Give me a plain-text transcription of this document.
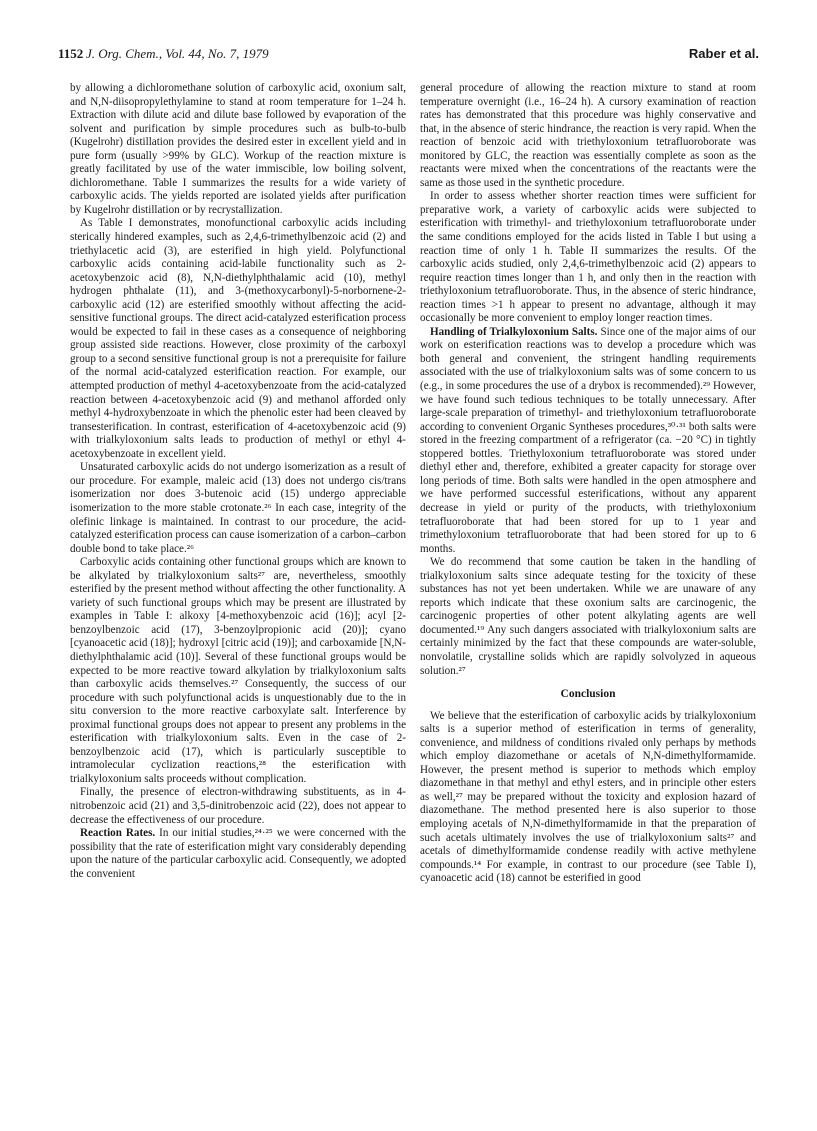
1152 J. Org. Chem., Vol. 44, No. 7, 1979	Raber et al.

by allowing a dichloromethane solution of carboxylic acid, oxonium salt, and N,N-diisopropylethylamine to stand at room temperature for 1–24 h. Extraction with dilute acid and dilute base followed by evaporation of the solvent and purification by simple procedures such as bulb-to-bulb (Kugelrohr) distillation provides the desired ester in excellent yield and in pure form (usually >99% by GLC). Workup of the reaction mixture is greatly facilitated by use of the water immiscible, low boiling solvent, dichloromethane. Table I summarizes the results for a wide variety of carboxylic acids. The yields reported are isolated yields after purification by Kugelrohr distillation or by recrystallization.

As Table I demonstrates, monofunctional carboxylic acids including sterically hindered examples, such as 2,4,6-trimethylbenzoic acid (2) and triethylacetic acid (3), are esterified in high yield. Polyfunctional carboxylic acids containing acid-labile functionality such as 2-acetoxybenzoic acid (8), N,N-diethylphthalamic acid (10), methyl hydrogen phthalate (11), and 3-(methoxycarbonyl)-5-norbornene-2-carboxylic acid (12) are esterified smoothly without affecting the acid-sensitive functional groups. The direct acid-catalyzed esterification process would be expected to fail in these cases as a consequence of neighboring group assisted side reactions. However, close proximity of the carboxyl group to a second sensitive functional group is not a prerequisite for failure of the normal acid-catalyzed esterification reaction. For example, our attempted production of methyl 4-acetoxybenzoate from the acid-catalyzed reaction between 4-acetoxybenzoic acid (9) and methanol afforded only methyl 4-hydroxybenzoate in which the phenolic ester had been cleaved by transesterification. In contrast, esterification of 4-acetoxybenzoic acid (9) with trialkyloxonium salts leads to production of methyl or ethyl 4-acetoxybenzoate in excellent yield.

Unsaturated carboxylic acids do not undergo isomerization as a result of our procedure. For example, maleic acid (13) does not undergo cis/trans isomerization nor does 3-butenoic acid (15) undergo appreciable isomerization to the more stable crotonate.²⁶ In each case, integrity of the olefinic linkage is maintained. In contrast to our procedure, the acid-catalyzed esterification process can cause isomerization of a carbon–carbon double bond to take place.²⁶

Carboxylic acids containing other functional groups which are known to be alkylated by trialkyloxonium salts²⁷ are, nevertheless, smoothly esterified by the present method without affecting the other functionality. A variety of such functional groups which may be present are illustrated by examples in Table I: alkoxy [4-methoxybenzoic acid (16)]; acyl [2-benzoylbenzoic acid (17), 3-benzoylpropionic acid (20)]; cyano [cyanoacetic acid (18)]; hydroxyl [citric acid (19)]; and carboxamide [N,N-diethylphthalamic acid (10)]. Several of these functional groups would be expected to be more reactive toward alkylation by trialkyloxonium salts than carboxylic acids themselves.²⁷ Consequently, the success of our procedure with such polyfunctional acids is unquestionably due to the in situ conversion to the more reactive carboxylate salt. Interference by proximal functional groups does not appear to present any problems in the esterification with trialkyloxonium salts. Even in the case of 2-benzoylbenzoic acid (17), which is particularly susceptible to intramolecular cyclization reactions,²⁸ the esterification with trialkyloxonium salts proceeds without complication.

Finally, the presence of electron-withdrawing substituents, as in 4-nitrobenzoic acid (21) and 3,5-dinitrobenzoic acid (22), does not appear to decrease the effectiveness of our procedure.

Reaction Rates. In our initial studies,²⁴·²⁵ we were concerned with the possibility that the rate of esterification might vary considerably depending upon the nature of the particular carboxylic acid. Consequently, we adopted the convenient

general procedure of allowing the reaction mixture to stand at room temperature overnight (i.e., 16–24 h). A cursory examination of reaction rates has demonstrated that this procedure was highly conservative and that, in the absence of steric hindrance, the reaction is very rapid. When the reaction of benzoic acid with triethyloxonium tetrafluoroborate was monitored by GLC, the reaction was essentially complete as soon as the reactants were mixed when the concentrations of the reactants were the same as those used in the synthetic procedure.

In order to assess whether shorter reaction times were sufficient for preparative work, a variety of carboxylic acids were subjected to esterification with trimethyl- and triethyloxonium tetrafluoroborate under the same conditions employed for the acids listed in Table I but using a reaction time of only 1 h. Table II summarizes the results. Of the carboxylic acids studied, only 2,4,6-trimethylbenzoic acid (2) appears to require reaction times longer than 1 h, and only then in the reaction with triethyloxonium tetrafluoroborate. Thus, in the absence of steric hindrance, reaction times >1 h appear to present no advantage, although it may occasionally be more convenient to employ longer reaction times.

Handling of Trialkyloxonium Salts. Since one of the major aims of our work on esterification reactions was to develop a procedure which was both general and convenient, the stringent handling requirements associated with the use of trialkyloxonium salts was of some concern to us (e.g., in some procedures the use of a drybox is recommended).²⁹ However, we have found such tedious techniques to be totally unnecessary. After large-scale preparation of trimethyl- and triethyloxonium tetrafluoroborate according to convenient Organic Syntheses procedures,³⁰·³¹ both salts were stored in the freezing compartment of a refrigerator (ca. −20 °C) in tightly stoppered bottles. Triethyloxonium tetrafluoroborate was stored under diethyl ether and, therefore, exhibited a greater capacity for storage over long periods of time. Both salts were handled in the open atmosphere and we have performed successful esterifications, without any apparent decrease in yield or purity of the products, with triethyloxonium tetrafluoroborate that had been stored for up to 1 year and trimethyloxonium tetrafluoroborate that had been stored for up to 6 months.

We do recommend that some caution be taken in the handling of trialkyloxonium salts since adequate testing for the toxicity of these substances has not yet been undertaken. While we are unaware of any reports which indicate that these oxonium salts are carcinogenic, the carcinogenic properties of other potent alkylating agents are well documented.¹⁹ Any such dangers associated with trialkyloxonium salts are certainly minimized by the fact that these compounds are water-soluble, nonvolatile, crystalline solids which are rapidly solvolyzed in aqueous solution.²⁷

Conclusion

We believe that the esterification of carboxylic acids by trialkyloxonium salts is a superior method of esterification in terms of generality, convenience, and mildness of conditions rivaled only perhaps by methods which employ diazomethane or acetals of N,N-dimethylformamide. However, the present method is superior to methods which employ diazomethane in that methyl and ethyl esters, and in principle other esters as well,²⁷ may be prepared without the toxicity and explosion hazard of diazomethane. The method presented here is also superior to those employing acetals of N,N-dimethylformamide in that the preparation of such acetals ultimately involves the use of trialkyloxonium salts²⁷ and acetals of dimethylformamide condense readily with active methylene compounds.¹⁴ For example, in contrast to our procedure (see Table I), cyanoacetic acid (18) cannot be esterified in good
